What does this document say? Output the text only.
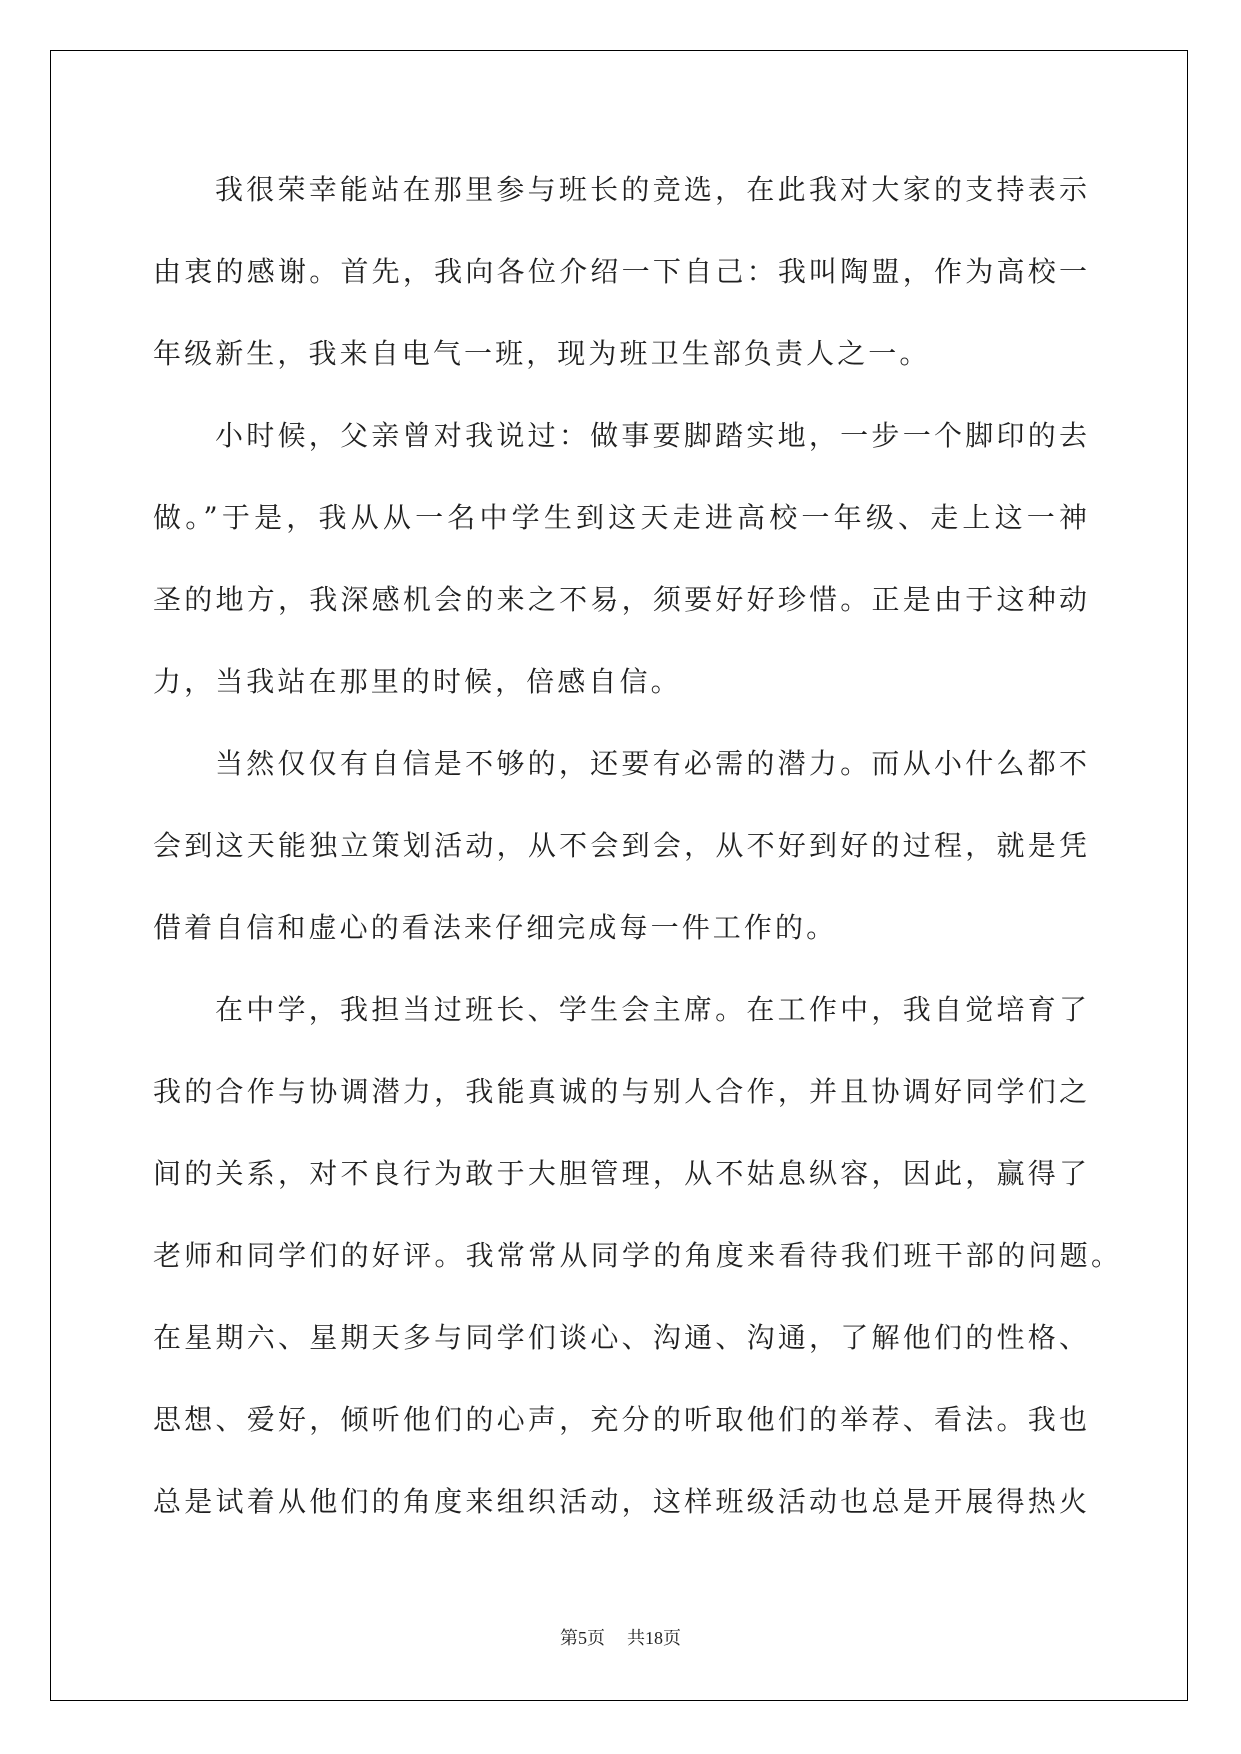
我很荣幸能站在那里参与班长的竞选，在此我对大家的支持表示
由衷的感谢。首先，我向各位介绍一下自己：我叫陶盟，作为高校一
年级新生，我来自电气一班，现为班卫生部负责人之一。
小时候，父亲曾对我说过：做事要脚踏实地，一步一个脚印的去
做。”于是，我从从一名中学生到这天走进高校一年级、走上这一神
圣的地方，我深感机会的来之不易，须要好好珍惜。正是由于这种动
力，当我站在那里的时候，倍感自信。
当然仅仅有自信是不够的，还要有必需的潜力。而从小什么都不
会到这天能独立策划活动，从不会到会，从不好到好的过程，就是凭
借着自信和虚心的看法来仔细完成每一件工作的。
在中学，我担当过班长、学生会主席。在工作中，我自觉培育了
我的合作与协调潜力，我能真诚的与别人合作，并且协调好同学们之
间的关系，对不良行为敢于大胆管理，从不姑息纵容，因此，赢得了
老师和同学们的好评。我常常从同学的角度来看待我们班干部的问题。
在星期六、星期天多与同学们谈心、沟通、沟通，了解他们的性格、
思想、爱好，倾听他们的心声，充分的听取他们的举荐、看法。我也
总是试着从他们的角度来组织活动，这样班级活动也总是开展得热火
第5页 共18页
